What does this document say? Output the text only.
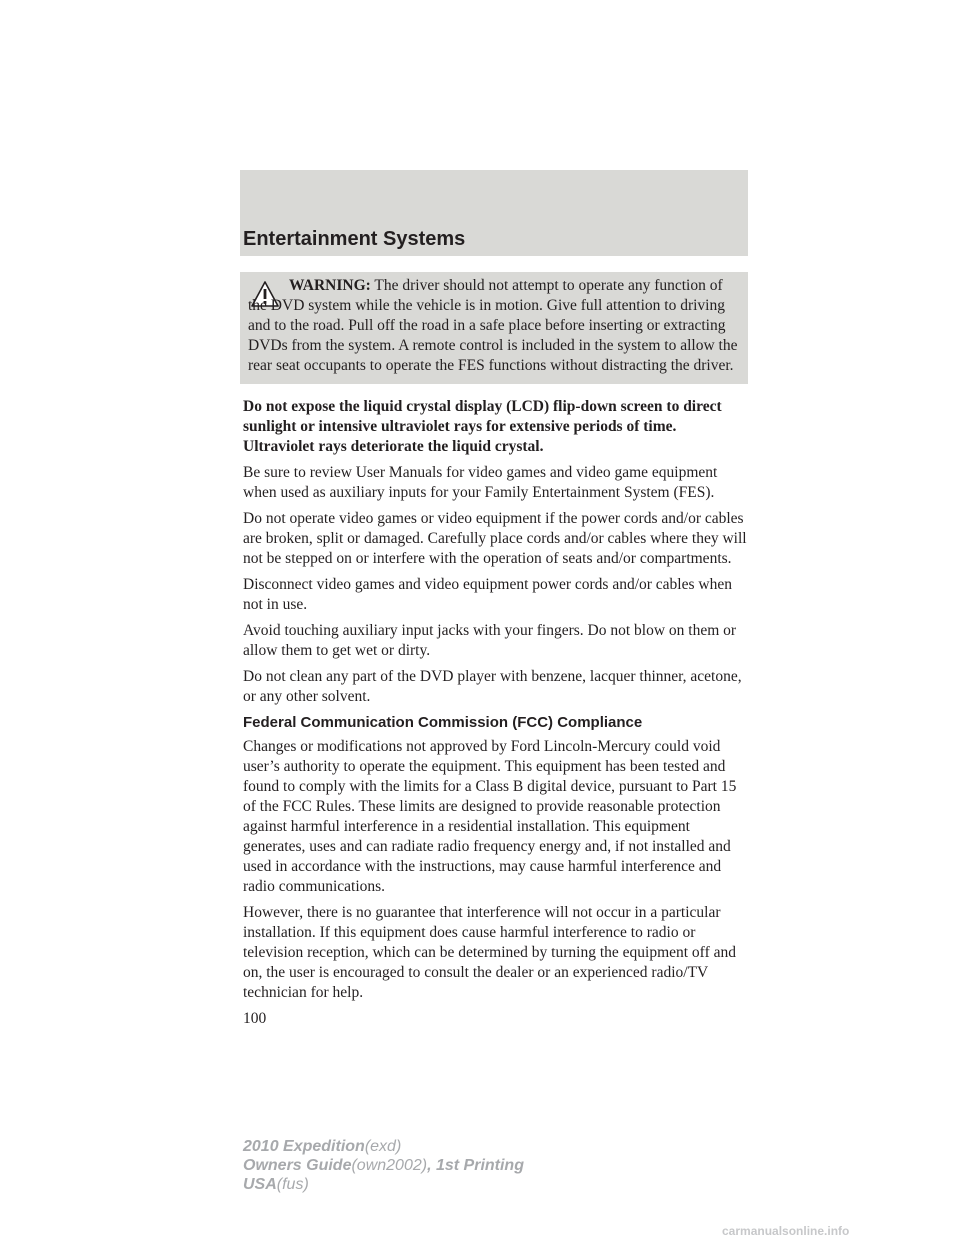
Entertainment Systems
WARNING: The driver should not attempt to operate any function of the DVD system while the vehicle is in motion. Give full attention to driving and to the road. Pull off the road in a safe place before inserting or extracting DVDs from the system. A remote control is included in the system to allow the rear seat occupants to operate the FES functions without distracting the driver.

Do not expose the liquid crystal display (LCD) flip-down screen to direct sunlight or intensive ultraviolet rays for extensive periods of time. Ultraviolet rays deteriorate the liquid crystal.

Be sure to review User Manuals for video games and video game equipment when used as auxiliary inputs for your Family Entertainment System (FES).

Do not operate video games or video equipment if the power cords and/or cables are broken, split or damaged. Carefully place cords and/or cables where they will not be stepped on or interfere with the operation of seats and/or compartments.

Disconnect video games and video equipment power cords and/or cables when not in use.

Avoid touching auxiliary input jacks with your fingers. Do not blow on them or allow them to get wet or dirty.

Do not clean any part of the DVD player with benzene, lacquer thinner, acetone, or any other solvent.

Federal Communication Commission (FCC) Compliance

Changes or modifications not approved by Ford Lincoln-Mercury could void user’s authority to operate the equipment. This equipment has been tested and found to comply with the limits for a Class B digital device, pursuant to Part 15 of the FCC Rules. These limits are designed to provide reasonable protection against harmful interference in a residential installation. This equipment generates, uses and can radiate radio frequency energy and, if not installed and used in accordance with the instructions, may cause harmful interference and radio communications.

However, there is no guarantee that interference will not occur in a particular installation. If this equipment does cause harmful interference to radio or television reception, which can be determined by turning the equipment off and on, the user is encouraged to consult the dealer or an experienced radio/TV technician for help.

100
2010 Expedition(exd)
Owners Guide(own2002), 1st Printing
USA(fus)
carmanualsonline.info
